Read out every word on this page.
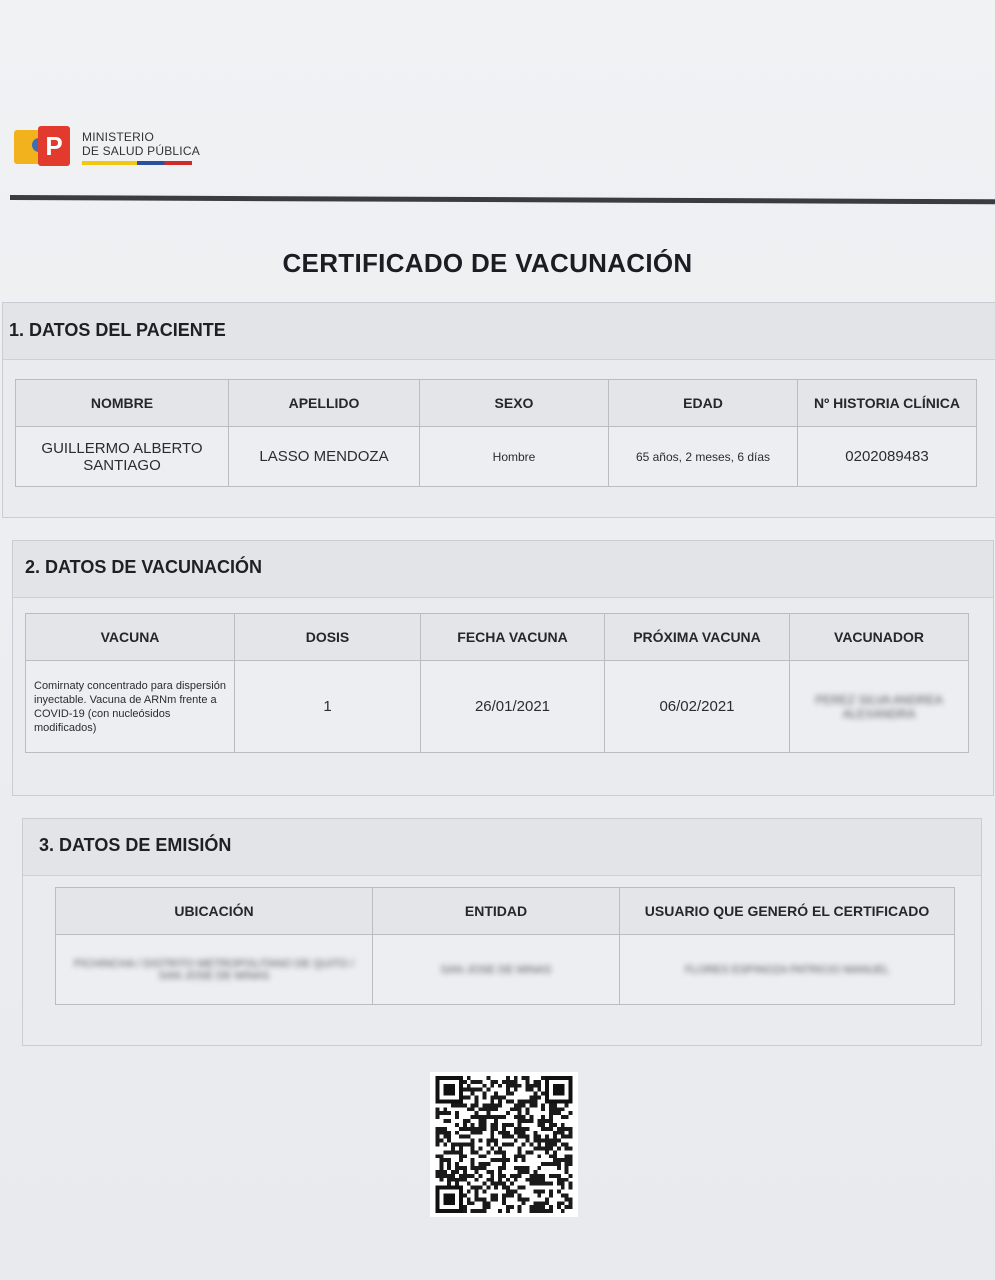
P	MINISTERIO
DE SALUD PÚBLICA
CERTIFICADO DE VACUNACIÓN
1. DATOS DEL PACIENTE
NOMBRE	APELLIDO	SEXO	EDAD	Nº HISTORIA CLÍNICA
GUILLERMO ALBERTO SANTIAGO	LASSO MENDOZA	Hombre	65 años, 2 meses, 6 días	0202089483
2. DATOS DE VACUNACIÓN
VACUNA	DOSIS	FECHA VACUNA	PRÓXIMA VACUNA	VACUNADOR
Comirnaty concentrado para dispersión inyectable. Vacuna de ARNm frente a COVID-19 (con nucleósidos modificados)	1	26/01/2021	06/02/2021	PEREZ SILVA ANDREA ALEXANDRA
3. DATOS DE EMISIÓN
UBICACIÓN	ENTIDAD	USUARIO QUE GENERÓ EL CERTIFICADO
PICHINCHA / DISTRITO METROPOLITANO DE QUITO / SAN JOSE DE MINAS	SAN JOSE DE MINAS	FLORES ESPINOZA PATRICIO MANUEL
